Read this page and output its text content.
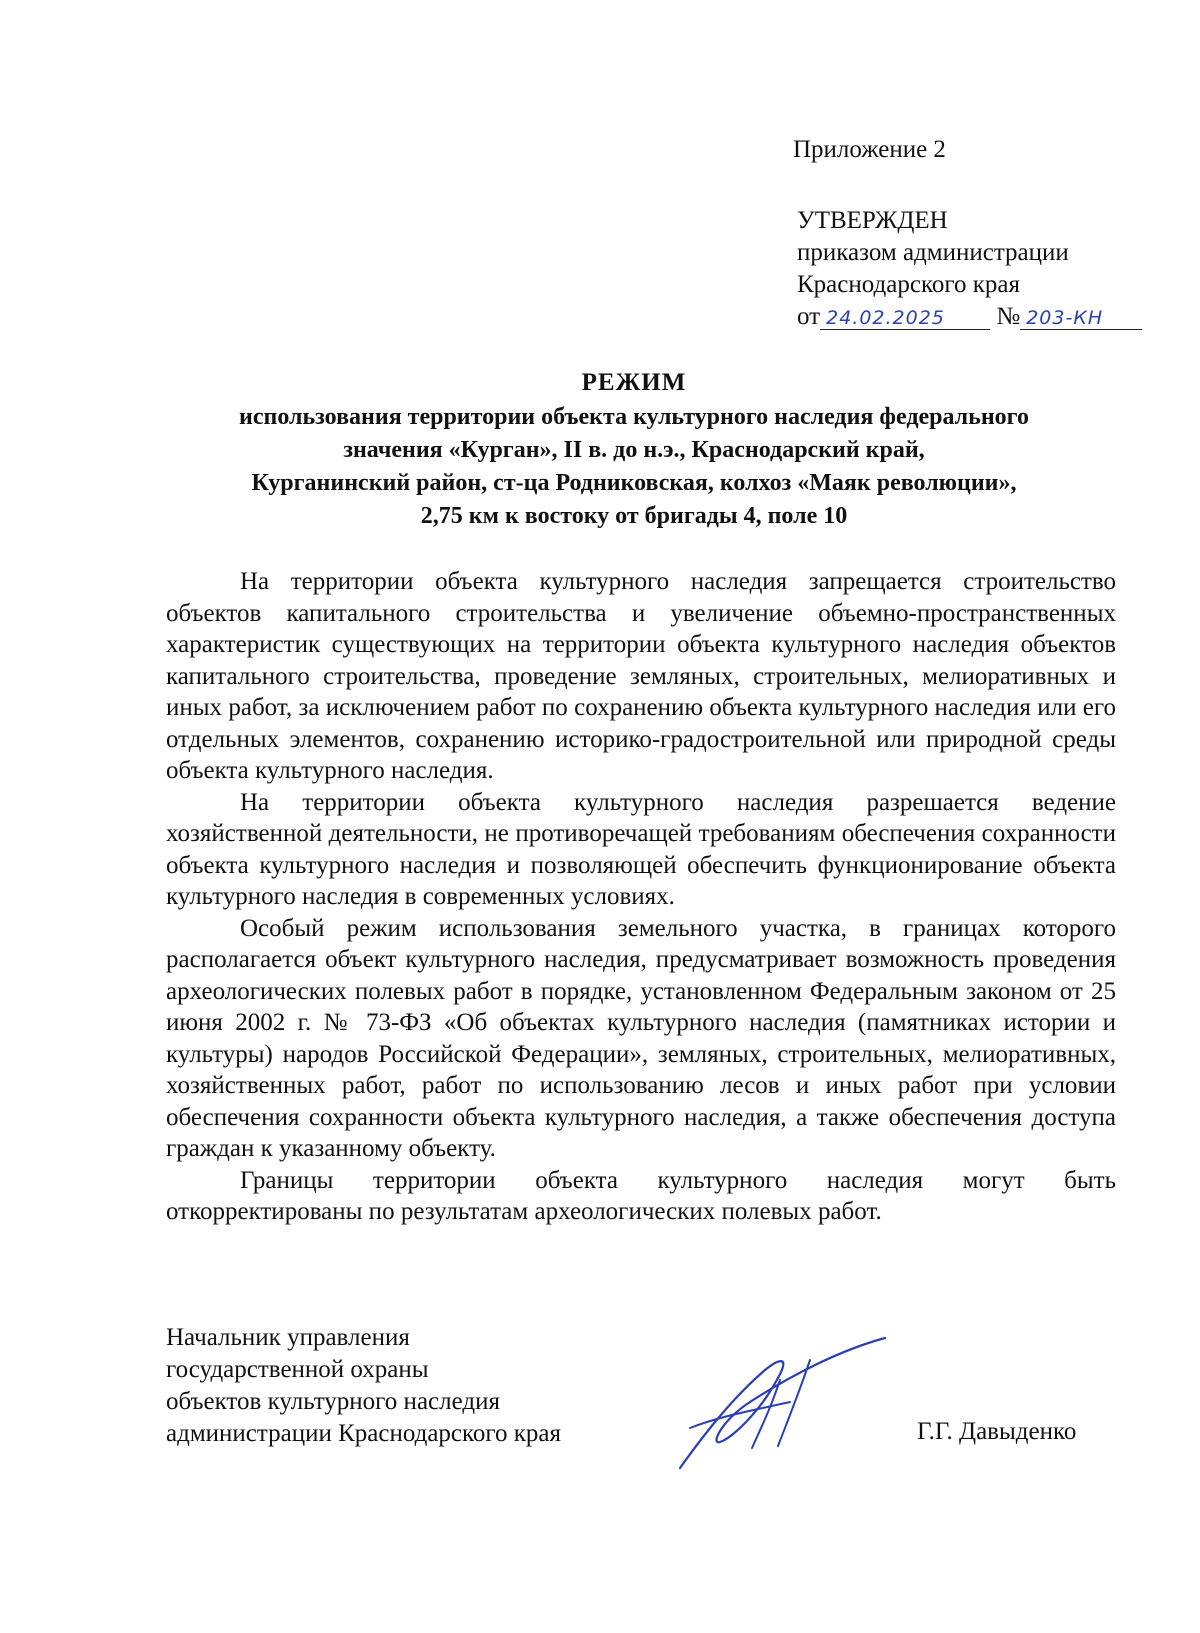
Приложение 2
УТВЕРЖДЕН
приказом администрации
Краснодарского края
от 24.02.2025 № 203-КН
РЕЖИМ
использования территории объекта культурного наследия федерального
значения «Курган», II в. до н.э., Краснодарский край,
Курганинский район, ст-ца Родниковская, колхоз «Маяк революции»,
2,75 км к востоку от бригады 4, поле 10

На территории объекта культурного наследия запрещается строительство объектов капитального строительства и увеличение объемно-пространственных характеристик существующих на территории объекта культурного наследия объектов капитального строительства, проведение земляных, строительных, мелиоративных и иных работ, за исключением работ по сохранению объекта культурного наследия или его отдельных элементов, сохранению историко-градостроительной или природной среды объекта культурного наследия.

На территории объекта культурного наследия разрешается ведение хозяйственной деятельности, не противоречащей требованиям обеспечения сохранности объекта культурного наследия и позволяющей обеспечить функционирование объекта культурного наследия в современных условиях.

Особый режим использования земельного участка, в границах которого располагается объект культурного наследия, предусматривает возможность проведения археологических полевых работ в порядке, установленном Федеральным законом от 25 июня 2002 г. № 73-ФЗ «Об объектах культурного наследия (памятниках истории и культуры) народов Российской Федерации», земляных, строительных, мелиоративных, хозяйственных работ, работ по использованию лесов и иных работ при условии обеспечения сохранности объекта культурного наследия, а также обеспечения доступа граждан к указанному объекту.

Границы территории объекта культурного наследия могут быть откорректированы по результатам археологических полевых работ.

Начальник управления
государственной охраны
объектов культурного наследия
администрации Краснодарского края	Г.Г. Давыденко
